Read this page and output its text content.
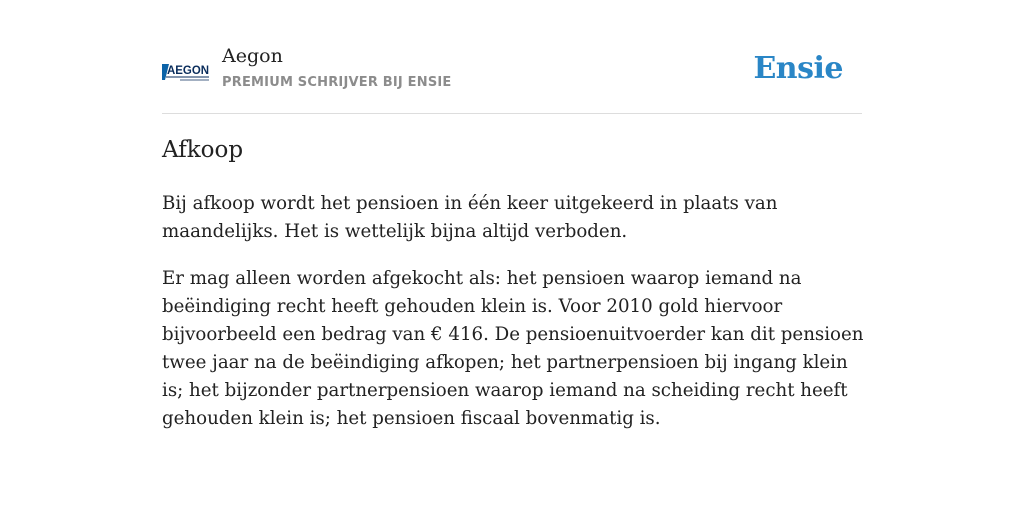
AEGON
Aegon
PREMIUM SCHRIJVER BIJ ENSIE	Ensie
Afkoop

Bij afkoop wordt het pensioen in één keer uitgekeerd in plaats van maandelijks. Het is wettelijk bijna altijd verboden.

Er mag alleen worden afgekocht als: het pensioen waarop iemand na beëindiging recht heeft gehouden klein is. Voor 2010 gold hiervoor bijvoorbeeld een bedrag van € 416. De pensioenuitvoerder kan dit pensioen twee jaar na de beëindiging afkopen; het partnerpensioen bij ingang klein is; het bijzonder partnerpensioen waarop iemand na scheiding recht heeft gehouden klein is; het pensioen fiscaal bovenmatig is.
